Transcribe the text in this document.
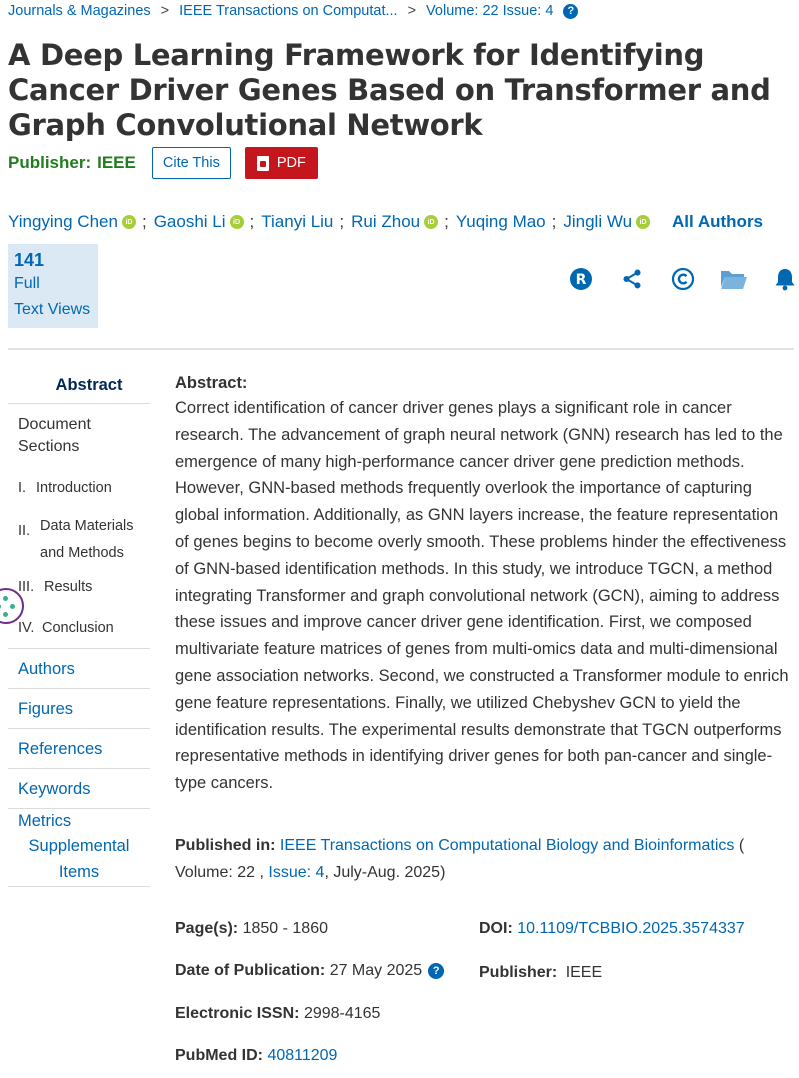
Journals & Magazines > IEEE Transactions on Computat... > Volume: 22 Issue: 4	?
A Deep Learning Framework for Identifying Cancer Driver Genes Based on Transformer and Graph Convolutional Network
Publisher: IEEE	Cite This	PDF
Yingying Chen	iD ; Gaoshi Li	iD ; Tianyi Liu ; Rui Zhou	iD ; Yuqing Mao ; Jingli Wu	iD All Authors
141
Full
Text Views
R
Abstract
Document Sections
I. Introduction
II. Data Materials and Methods
III. Results
IV. Conclusion
Authors
Figures
References
Keywords
Metrics
Supplemental Items
Abstract:

Correct identification of cancer driver genes plays a significant role in cancer research. The advancement of graph neural network (GNN) research has led to the emergence of many high-performance cancer driver gene prediction methods. However, GNN-based methods frequently overlook the importance of capturing global information. Additionally, as GNN layers increase, the feature representation of genes begins to become overly smooth. These problems hinder the effectiveness of GNN-based identification methods. In this study, we introduce TGCN, a method integrating Transformer and graph convolutional network (GCN), aiming to address these issues and improve cancer driver gene identification. First, we composed multivariate feature matrices of genes from multi-omics data and multi-dimensional gene association networks. Second, we constructed a Transformer module to enrich gene feature representations. Finally, we utilized Chebyshev GCN to yield the identification results. The experimental results demonstrate that TGCN outperforms representative methods in identifying driver genes for both pan-cancer and single-type cancers.

Published in: IEEE Transactions on Computational Biology and Bioinformatics ( Volume: 22 , Issue: 4, July-Aug. 2025)
Page(s): 1850 - 1860	DOI: 10.1109/TCBBIO.2025.3574337
Date of Publication: 27 May 2025 ? Publisher: IEEE
Electronic ISSN: 2998-4165
PubMed ID: 40811209
